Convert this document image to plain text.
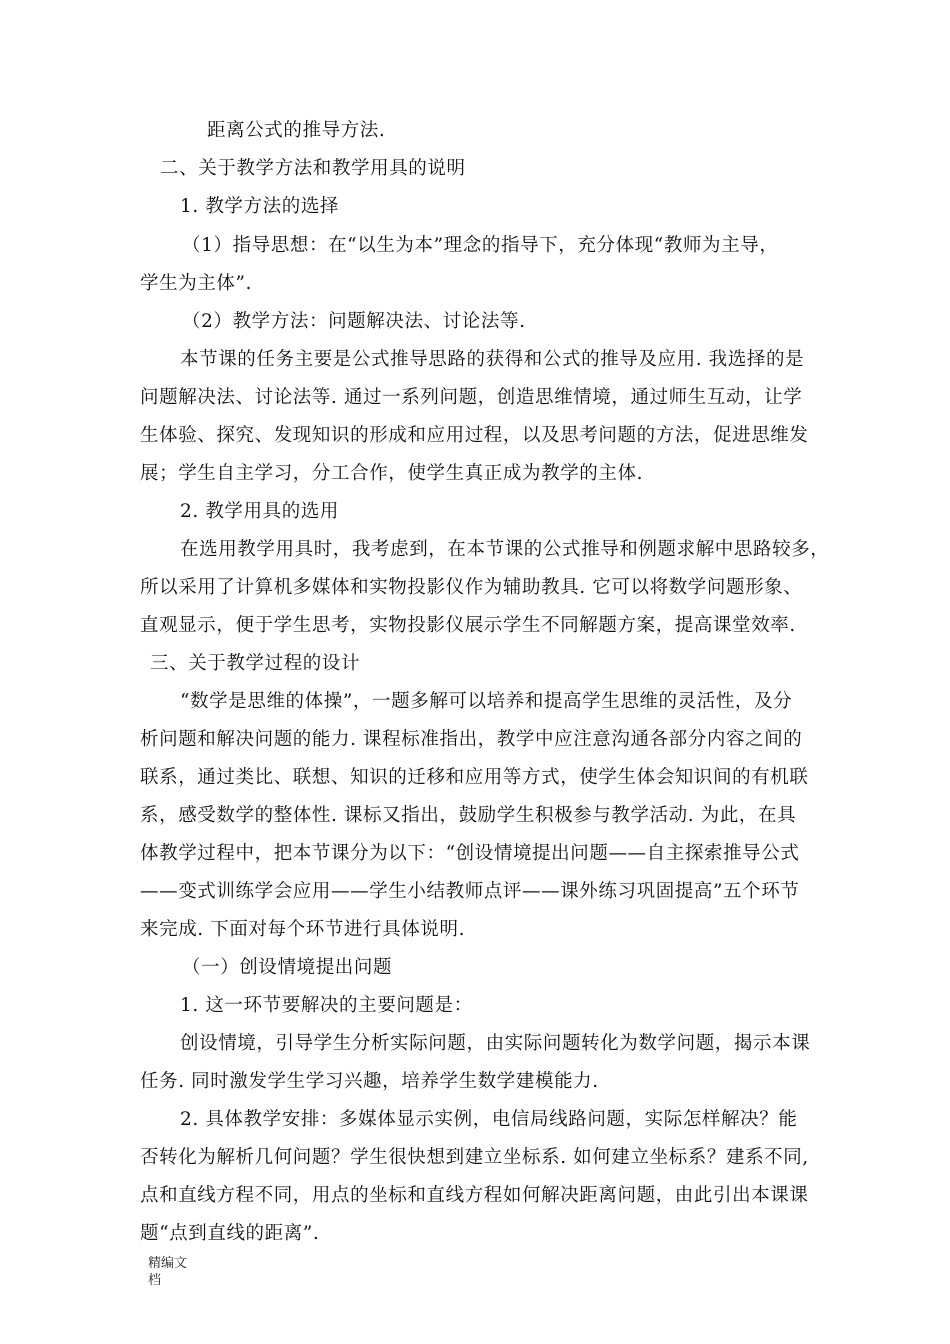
距离公式的推导方法.
二、关于教学方法和教学用具的说明
1. 教学方法的选择
（1）指导思想：在“以生为本”理念的指导下，充分体现“教师为主导，
学生为主体”.
（2）教学方法：问题解决法、讨论法等.
本节课的任务主要是公式推导思路的获得和公式的推导及应用. 我选择的是
问题解决法、讨论法等. 通过一系列问题，创造思维情境，通过师生互动，让学
生体验、探究、发现知识的形成和应用过程，以及思考问题的方法，促进思维发
展；学生自主学习，分工合作，使学生真正成为教学的主体.
2. 教学用具的选用
在选用教学用具时，我考虑到，在本节课的公式推导和例题求解中思路较多，
所以采用了计算机多媒体和实物投影仪作为辅助教具. 它可以将数学问题形象、
直观显示，便于学生思考，实物投影仪展示学生不同解题方案，提高课堂效率.
三、关于教学过程的设计
“数学是思维的体操”，一题多解可以培养和提高学生思维的灵活性，及分
析问题和解决问题的能力. 课程标准指出，教学中应注意沟通各部分内容之间的
联系，通过类比、联想、知识的迁移和应用等方式，使学生体会知识间的有机联
系，感受数学的整体性. 课标又指出，鼓励学生积极参与教学活动. 为此，在具
体教学过程中，把本节课分为以下：“创设情境提出问题——自主探索推导公式
——变式训练学会应用——学生小结教师点评——课外练习巩固提高”五个环节
来完成. 下面对每个环节进行具体说明.
（一）创设情境提出问题
1. 这一环节要解决的主要问题是：
创设情境，引导学生分析实际问题，由实际问题转化为数学问题，揭示本课
任务. 同时激发学生学习兴趣，培养学生数学建模能力.
2. 具体教学安排：多媒体显示实例，电信局线路问题，实际怎样解决？能
否转化为解析几何问题？学生很快想到建立坐标系. 如何建立坐标系？建系不同,
点和直线方程不同，用点的坐标和直线方程如何解决距离问题，由此引出本课课
题“点到直线的距离”.
精编文
档
